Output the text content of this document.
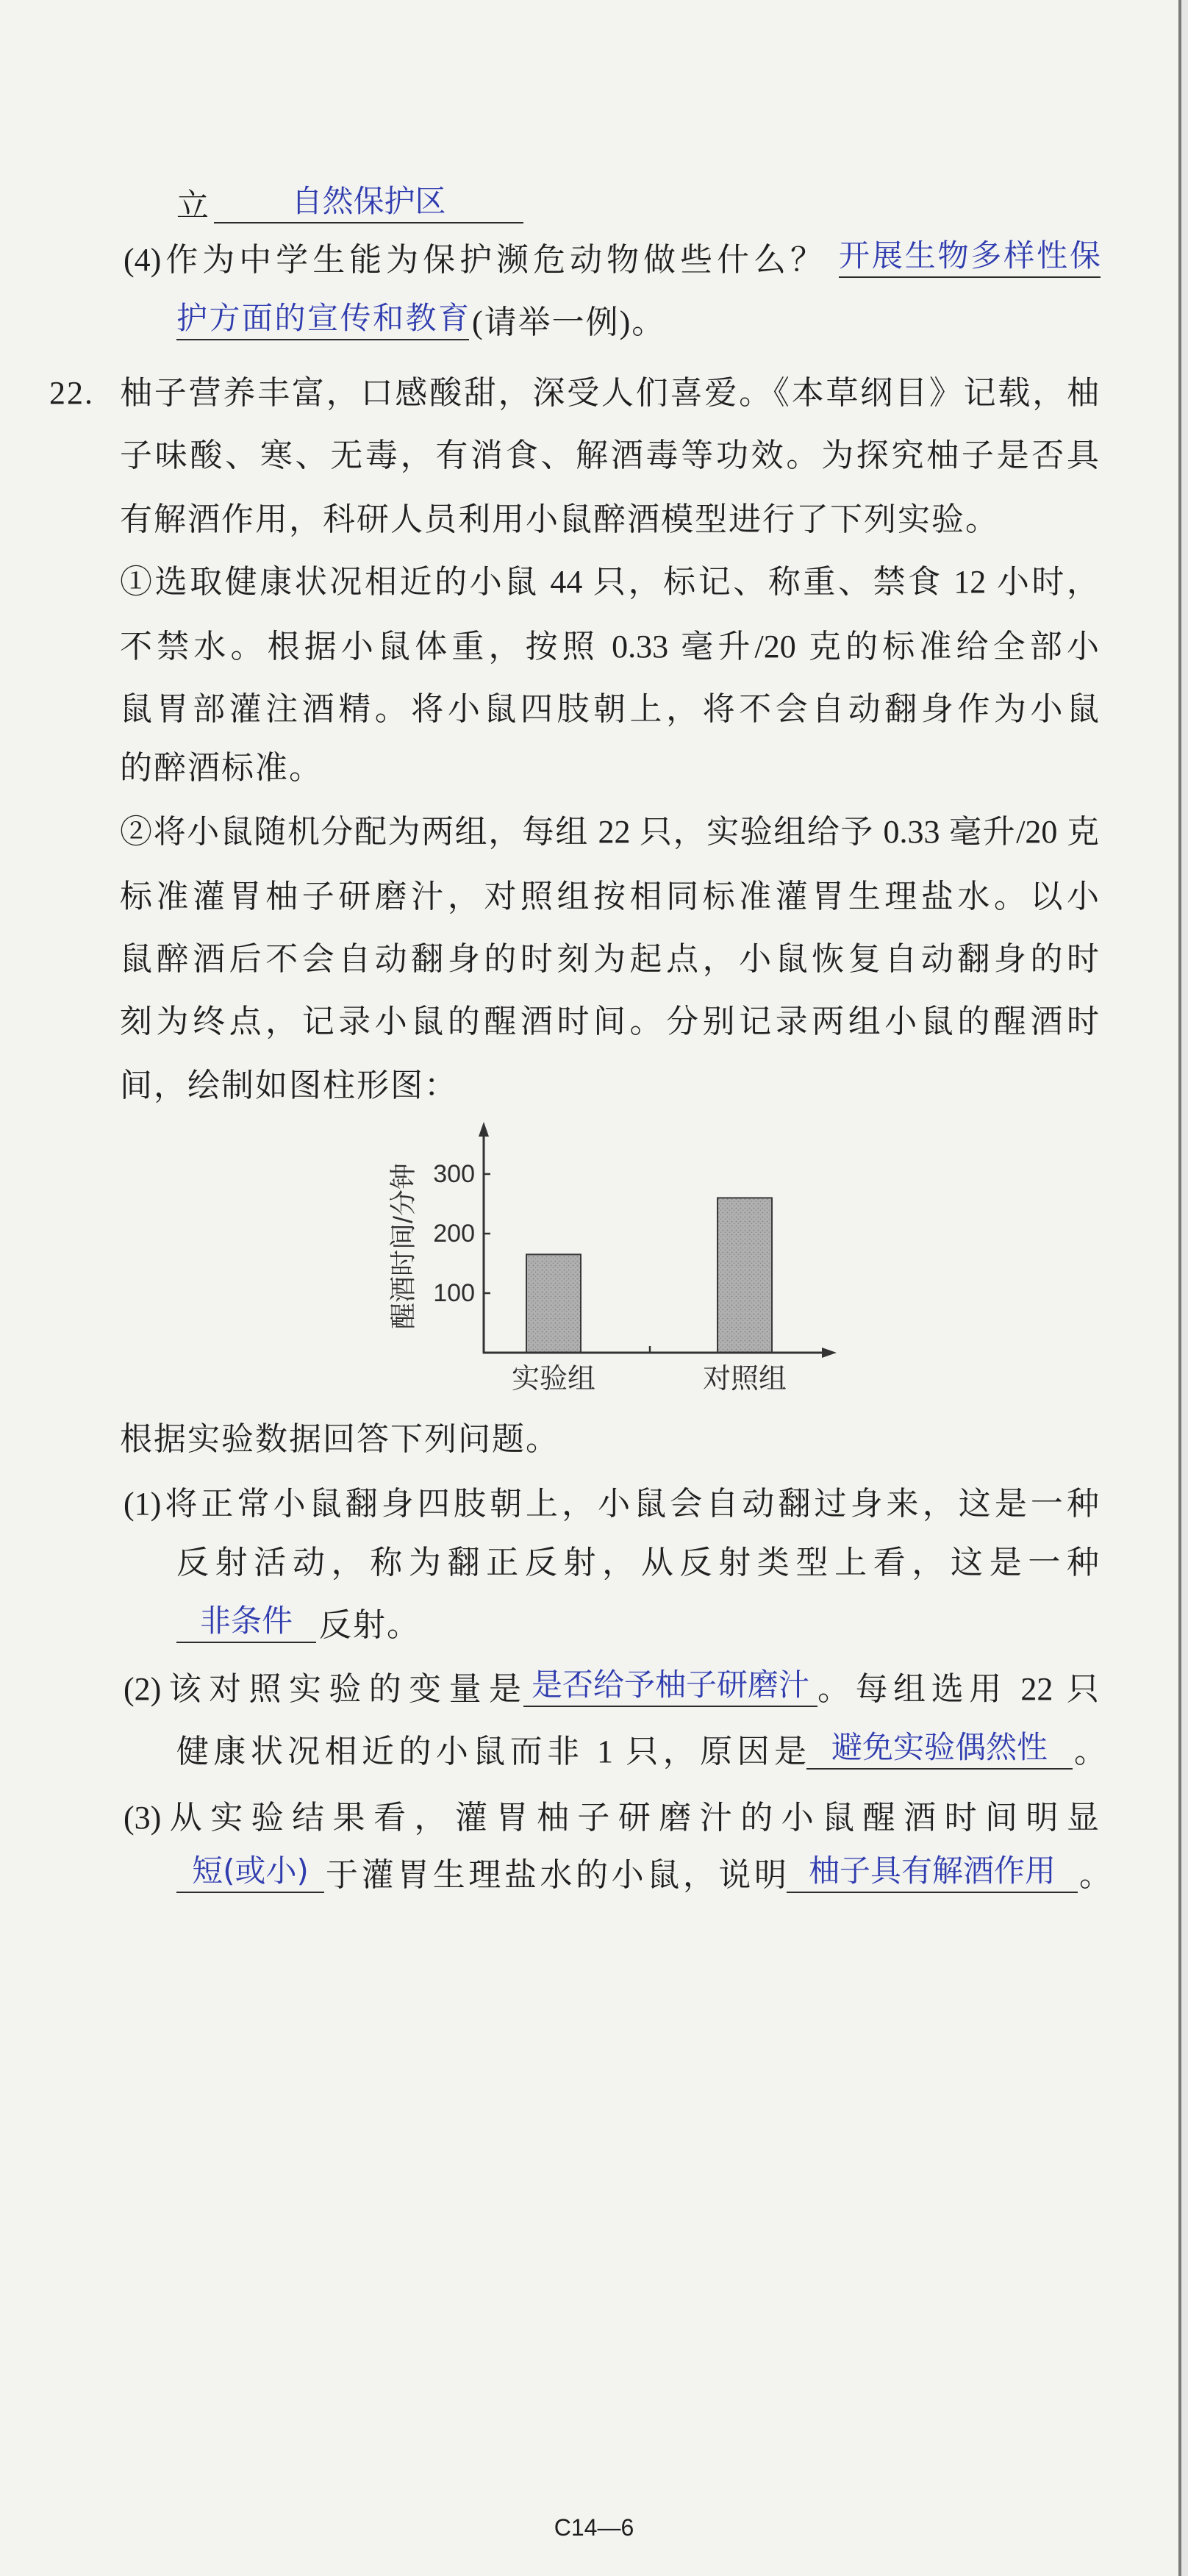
立	自然保护区
(4)作为中学生能为保护濒危动物做些什么？ 开展生物多样性保
护方面的宣传和教育 (请举一例)。
22. 柚子营养丰富，口感酸甜，深受人们喜爱。《本草纲目》记载，柚
子味酸、寒、无毒，有消食、解酒毒等功效。为探究柚子是否具
有解酒作用，科研人员利用小鼠醉酒模型进行了下列实验。
①选取健康状况相近的小鼠 44 只，标记、称重、禁食 12 小时，
不禁水。根据小鼠体重，按照 0.33 毫升/20 克的标准给全部小
鼠胃部灌注酒精。将小鼠四肢朝上，将不会自动翻身作为小鼠
的醉酒标准。
②将小鼠随机分配为两组，每组 22 只，实验组给予 0.33 毫升/20 克
标准灌胃柚子研磨汁，对照组按相同标准灌胃生理盐水。以小
鼠醉酒后不会自动翻身的时刻为起点，小鼠恢复自动翻身的时
刻为终点，记录小鼠的醒酒时间。分别记录两组小鼠的醒酒时
间，绘制如图柱形图：
100
200
300
实验组	对照组
醒酒时间/分钟
根据实验数据回答下列问题。
(1)将正常小鼠翻身四肢朝上，小鼠会自动翻过身来，这是一种
反射活动，称为翻正反射，从反射类型上看，这是一种
非条件 反射。
(2)该对照实验的变量是 是否给予柚子研磨汁 。每组选用 22 只
健康状况相近的小鼠而非 1 只，原因是 避免实验偶然性 。
(3)从实验结果看，灌胃柚子研磨汁的小鼠醒酒时间明显
短(或小) 于灌胃生理盐水的小鼠，说明 柚子具有解酒作用 。
C14—6
